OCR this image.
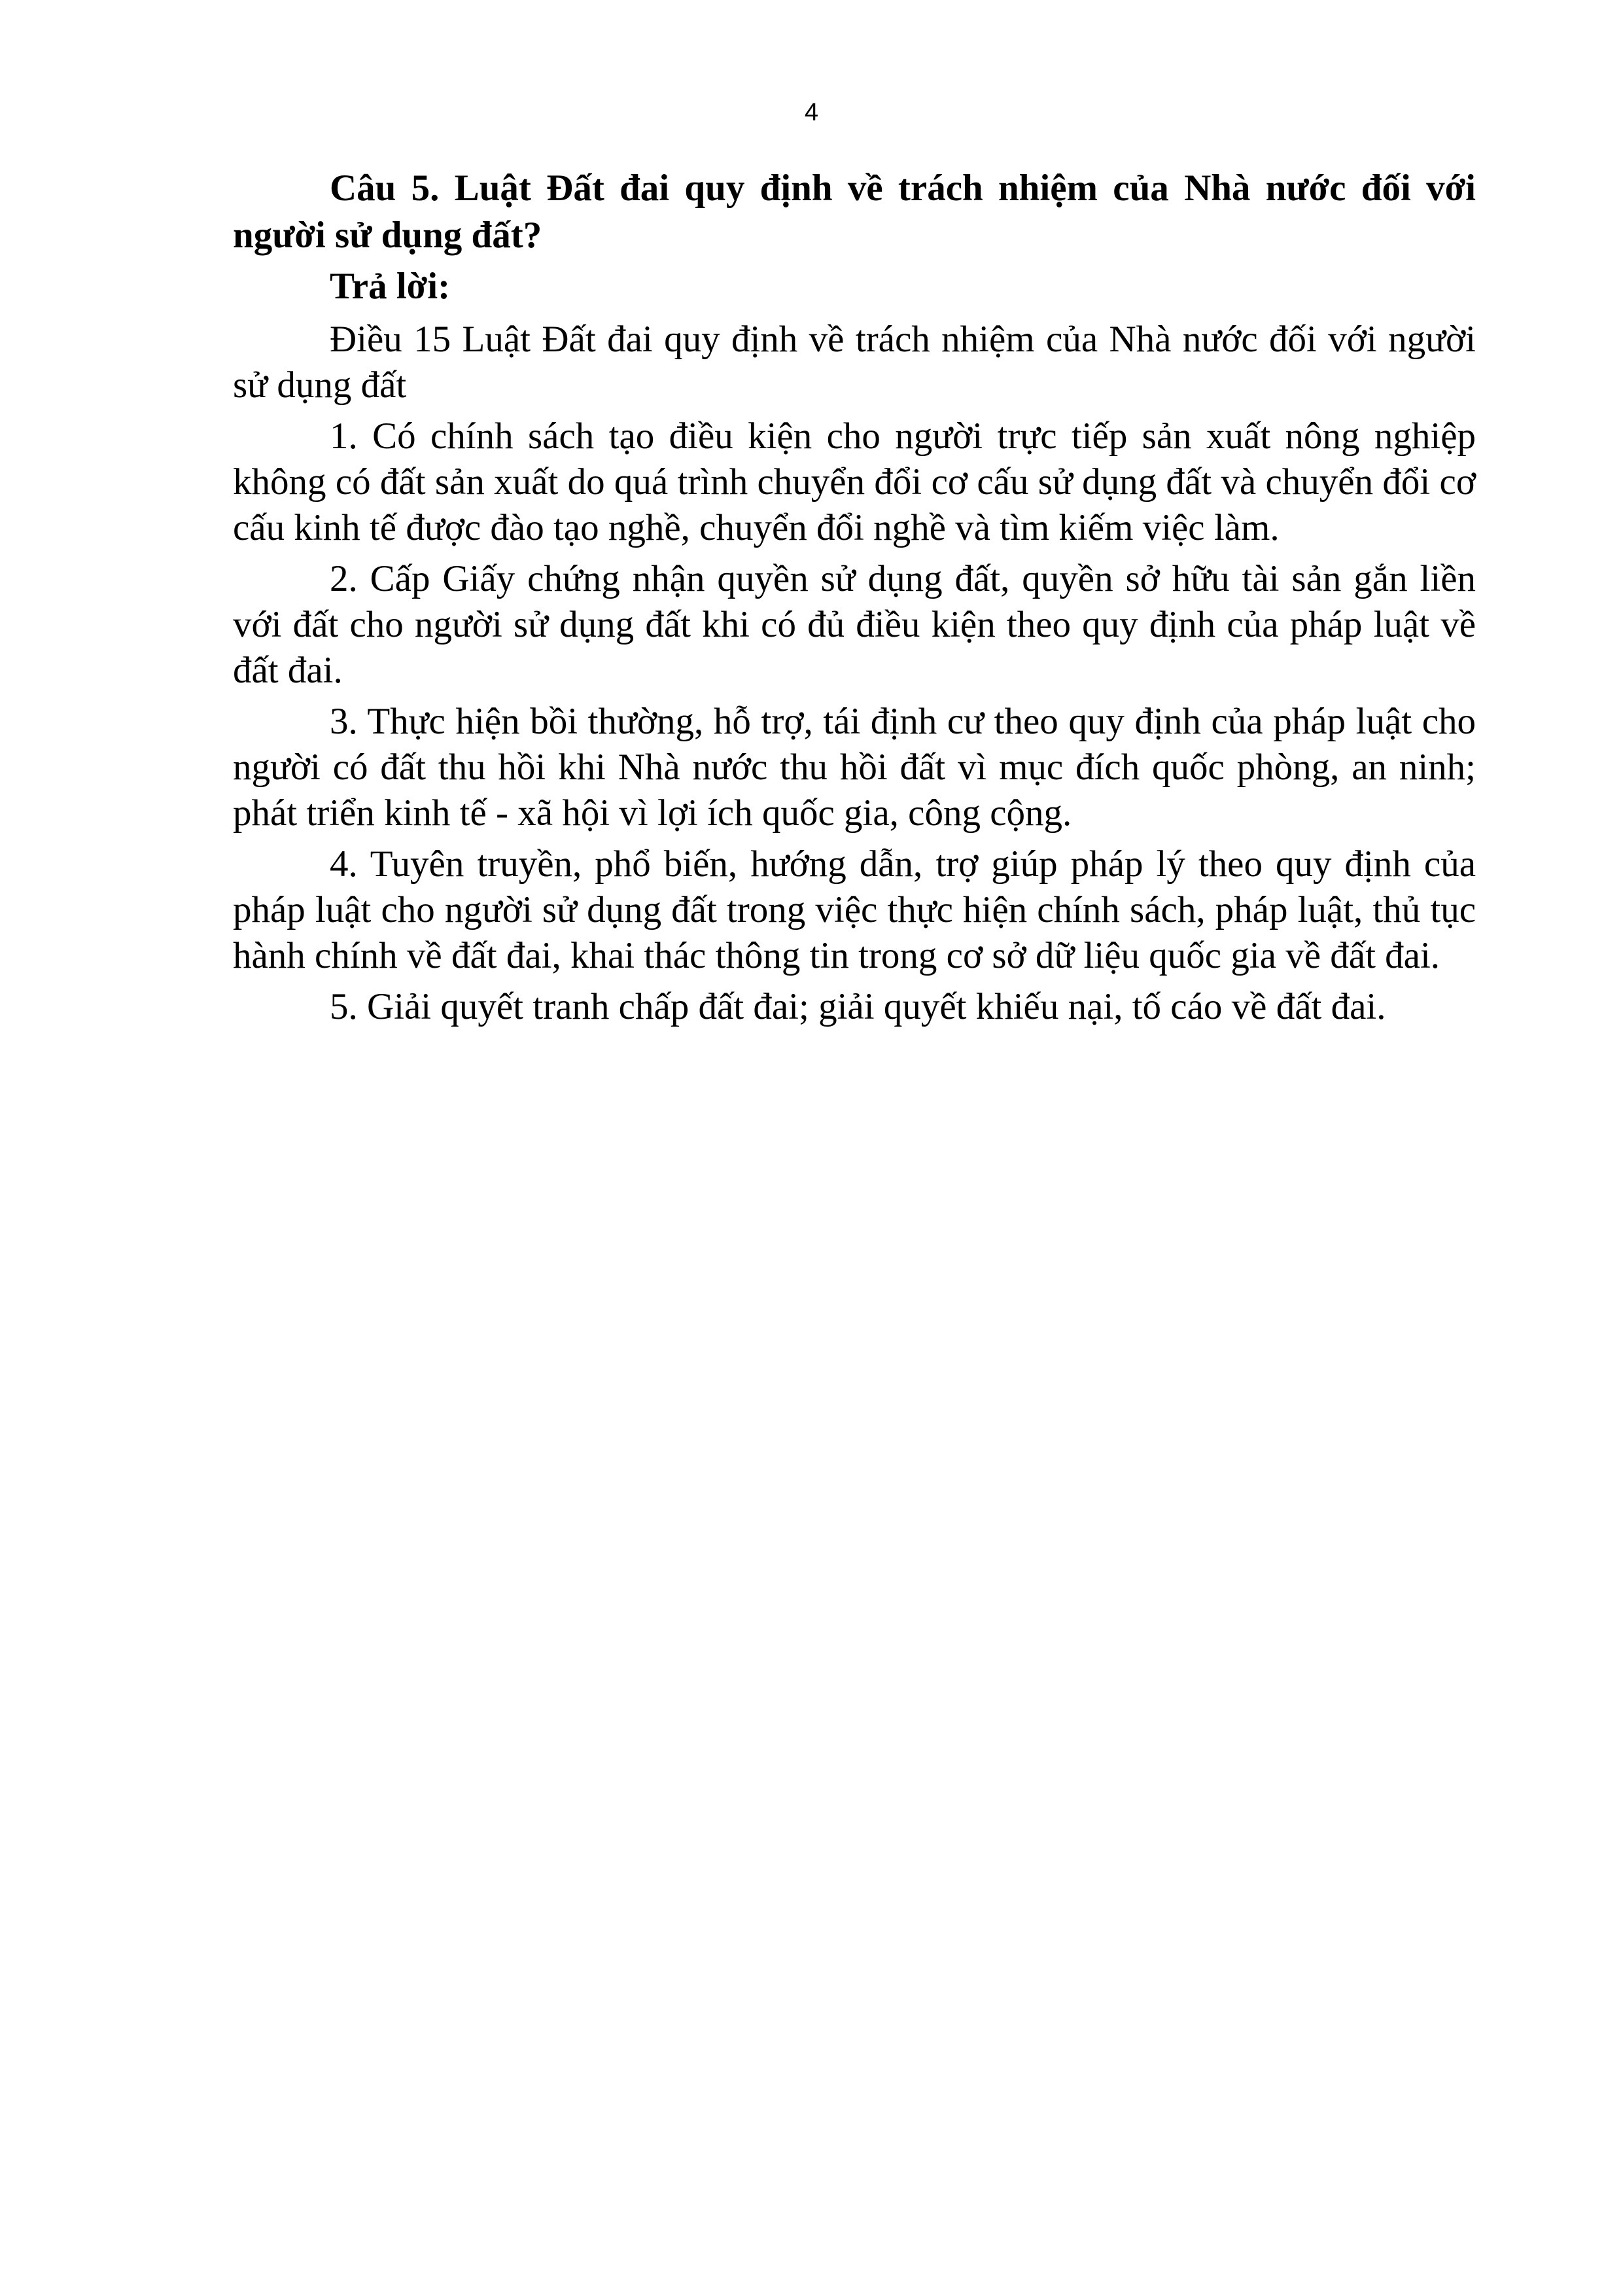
4

Câu 5. Luật Đất đai quy định về trách nhiệm của Nhà nước đối với người sử dụng đất?

Trả lời:

Điều 15 Luật Đất đai quy định về trách nhiệm của Nhà nước đối với người sử dụng đất

1. Có chính sách tạo điều kiện cho người trực tiếp sản xuất nông nghiệp không có đất sản xuất do quá trình chuyển đổi cơ cấu sử dụng đất và chuyển đổi cơ cấu kinh tế được đào tạo nghề, chuyển đổi nghề và tìm kiếm việc làm.

2. Cấp Giấy chứng nhận quyền sử dụng đất, quyền sở hữu tài sản gắn liền với đất cho người sử dụng đất khi có đủ điều kiện theo quy định của pháp luật về đất đai.

3. Thực hiện bồi thường, hỗ trợ, tái định cư theo quy định của pháp luật cho người có đất thu hồi khi Nhà nước thu hồi đất vì mục đích quốc phòng, an ninh; phát triển kinh tế - xã hội vì lợi ích quốc gia, công cộng.

4. Tuyên truyền, phổ biến, hướng dẫn, trợ giúp pháp lý theo quy định của pháp luật cho người sử dụng đất trong việc thực hiện chính sách, pháp luật, thủ tục hành chính về đất đai, khai thác thông tin trong cơ sở dữ liệu quốc gia về đất đai.

5. Giải quyết tranh chấp đất đai; giải quyết khiếu nại, tố cáo về đất đai.
